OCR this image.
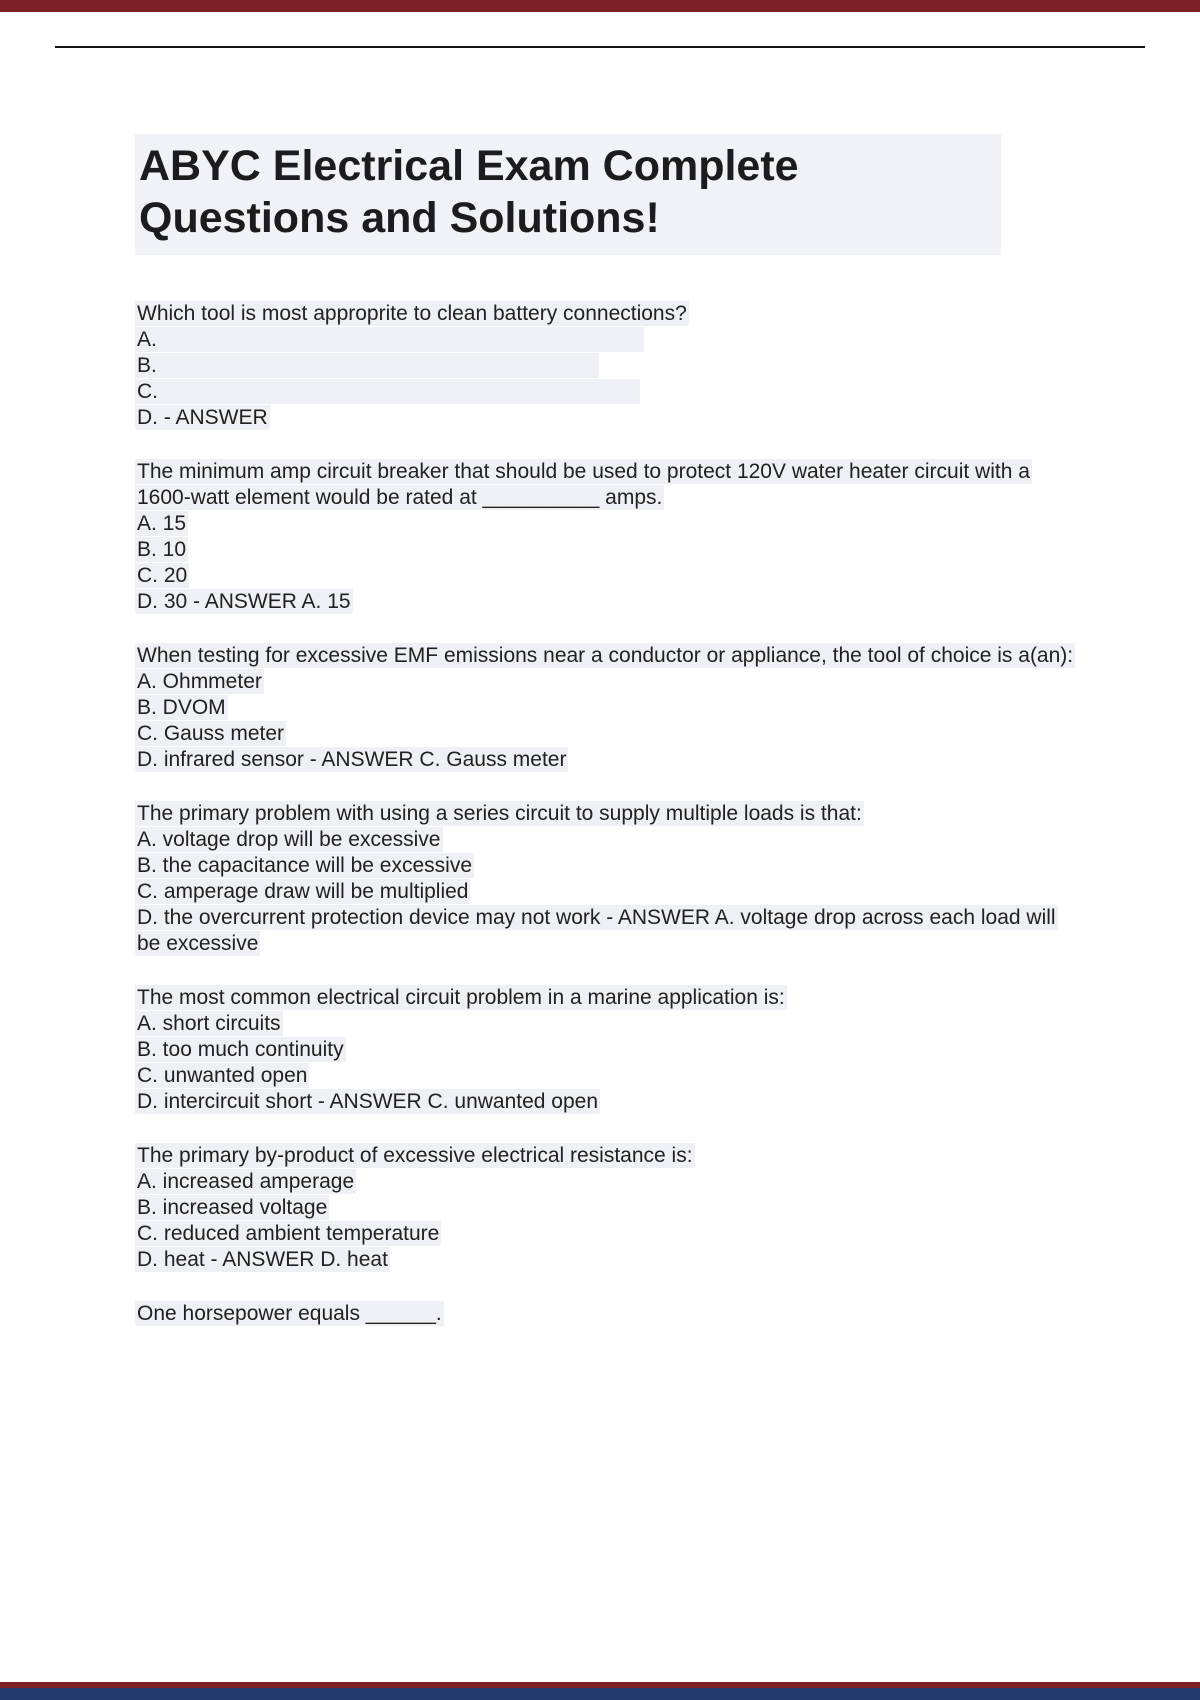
ABYC Electrical Exam Complete Questions and Solutions!

Which tool is most approprite to clean battery connections?

A.

B.

C.

D. - ANSWER

The minimum amp circuit breaker that should be used to protect 120V water heater circuit with a 1600-watt element would be rated at __________ amps.

A. 15

B. 10

C. 20

D. 30 - ANSWER A. 15

When testing for excessive EMF emissions near a conductor or appliance, the tool of choice is a(an):

A. Ohmmeter

B. DVOM

C. Gauss meter

D. infrared sensor - ANSWER C. Gauss meter

The primary problem with using a series circuit to supply multiple loads is that:

A. voltage drop will be excessive

B. the capacitance will be excessive

C. amperage draw will be multiplied

D. the overcurrent protection device may not work - ANSWER A. voltage drop across each load will be excessive

The most common electrical circuit problem in a marine application is:

A. short circuits

B. too much continuity

C. unwanted open

D. intercircuit short - ANSWER C. unwanted open

The primary by-product of excessive electrical resistance is:

A. increased amperage

B. increased voltage

C. reduced ambient temperature

D. heat - ANSWER D. heat

One horsepower equals ______.
